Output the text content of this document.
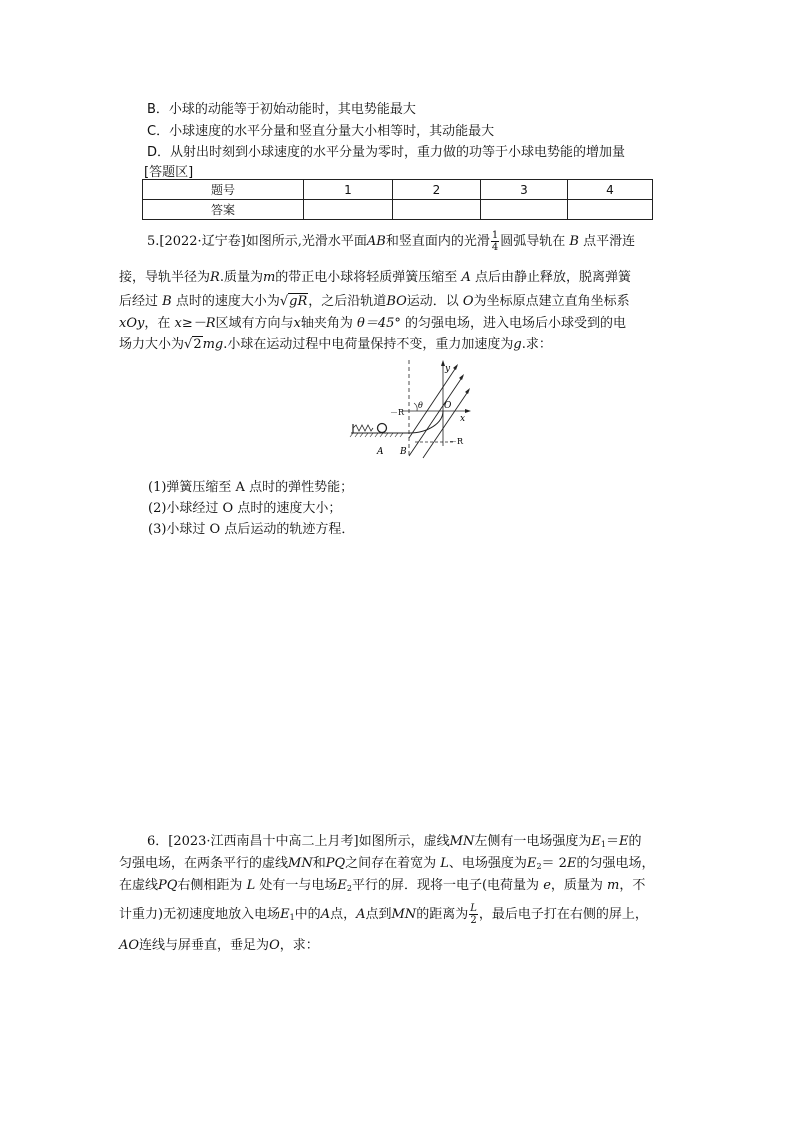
B．小球的动能等于初始动能时，其电势能最大
C．小球速度的水平分量和竖直分量大小相等时，其动能最大
D．从射出时刻到小球速度的水平分量为零时，重力做的功等于小球电势能的增加量
[答题区]
题号	1	2	3	4
答案				
5.[2022·辽宁卷]如图所示,光滑水平面AB和竖直面内的光滑 $\frac{1}{4}$ 圆弧导轨在 B 点平滑连
接，导轨半径为R.质量为m的带正电小球将轻质弹簧压缩至 A 点后由静止释放，脱离弹簧
后经过 B 点时的速度大小为√gR，之后沿轨道BO运动．以 O为坐标原点建立直角坐标系
xOy，在 x≥－R区域有方向与x轴夹角为 θ＝45° 的匀强电场，进入电场后小球受到的电
场力大小为√2mg.小球在运动过程中电荷量保持不变，重力加速度为g.求：
y
x
O
θ
－R
－R
A B
(1)弹簧压缩至 A 点时的弹性势能；
(2)小球经过 O 点时的速度大小；
(3)小球过 O 点后运动的轨迹方程．
6．[2023·江西南昌十中高二上月考]如图所示，虚线MN左侧有一电场强度为$E_1=E$的
匀强电场，在两条平行的虚线MN和PQ之间存在着宽为 L、电场强度为$E_2= 2E$的匀强电场，
在虚线PQ右侧相距为 L 处有一与电场$E_2$平行的屏．现将一电子(电荷量为 e，质量为 m，不
计重力)无初速度地放入电场$E_1$中的A点，A点到MN的距离为 $\frac{L}{2}$ ，最后电子打在右侧的屏上，
AO连线与屏垂直，垂足为O，求：
